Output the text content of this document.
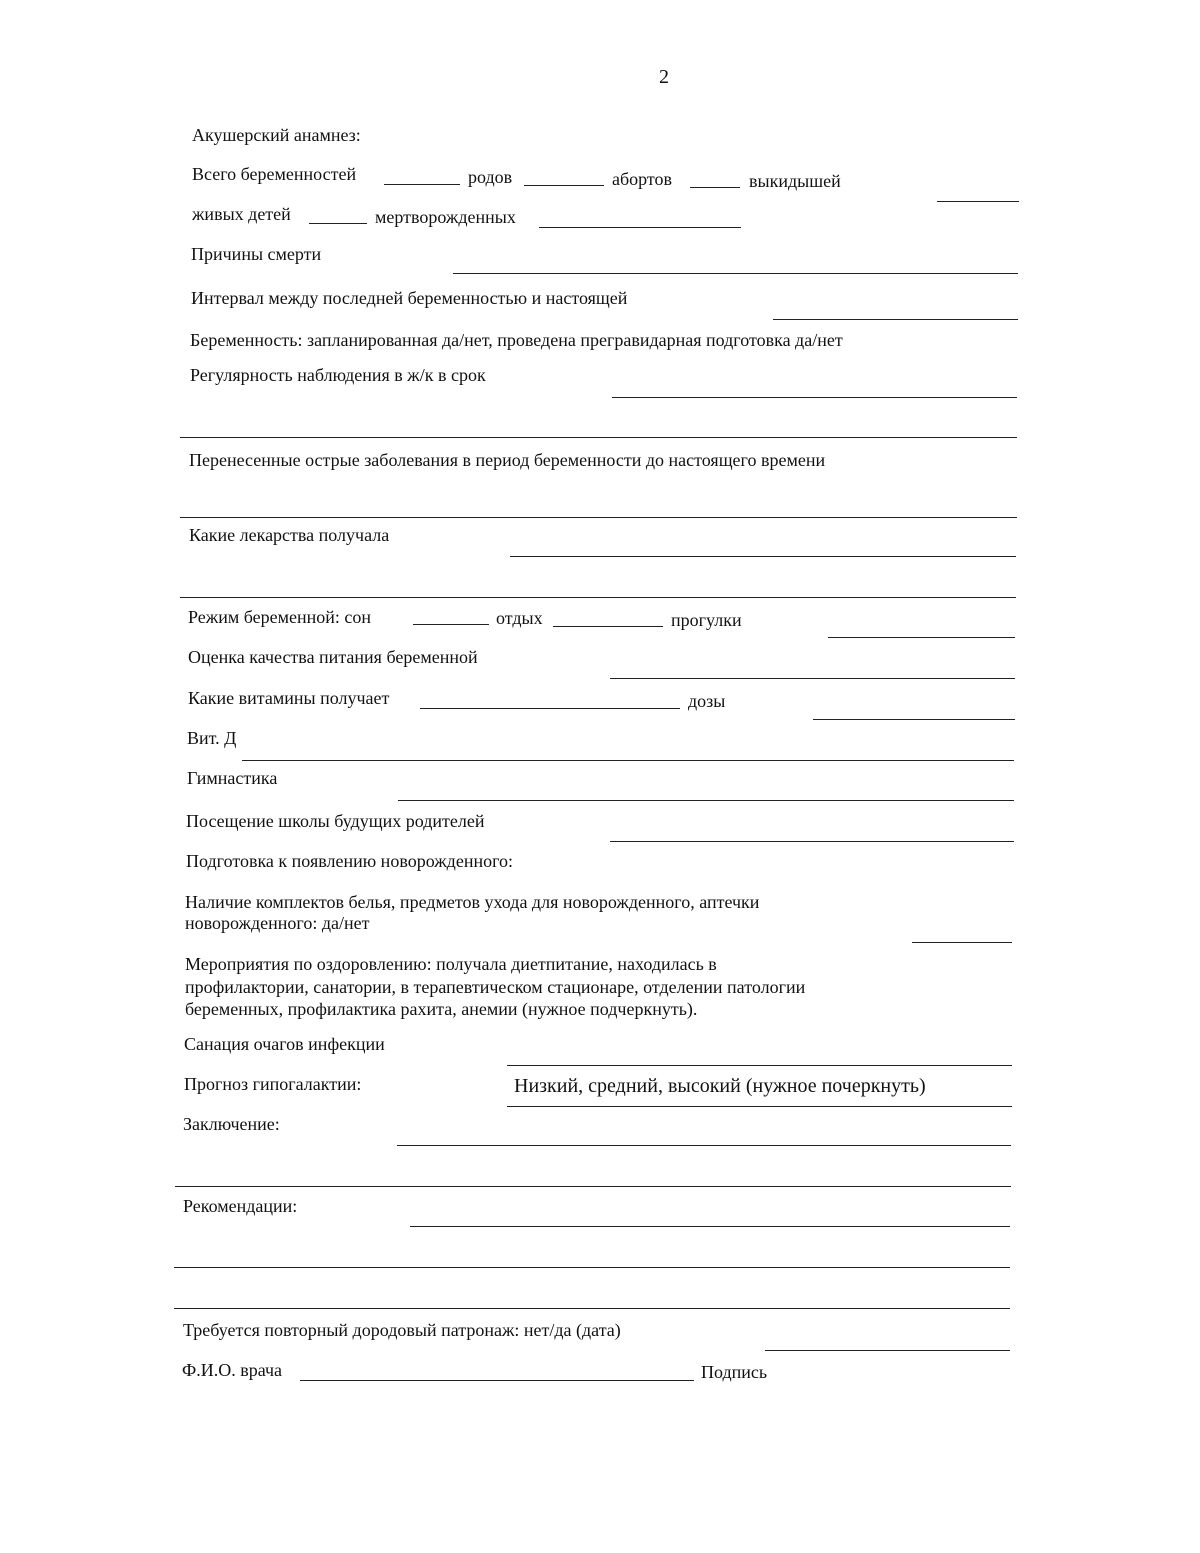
2
Акушерский анамнез:
Всего беременностей	родов	абортов	выкидышей
живых детей	мертворожденных
Причины смерти
Интервал между последней беременностью и настоящей
Беременность: запланированная да/нет, проведена прегравидарная подготовка да/нет
Регулярность наблюдения в ж/к в срок
Перенесенные острые заболевания в период беременности до настоящего времени
Какие лекарства получала
Режим беременной: сон	отдых	прогулки
Оценка качества питания беременной
Какие витамины получает	дозы
Вит. Д
Гимнастика
Посещение школы будущих родителей
Подготовка к появлению новорожденного:
Наличие комплектов белья, предметов ухода для новорожденного, аптечки
новорожденного: да/нет
Мероприятия по оздоровлению: получала диетпитание, находилась в
профилактории, санатории, в терапевтическом стационаре, отделении патологии
беременных, профилактика рахита, анемии (нужное подчеркнуть).
Санация очагов инфекции
Прогноз гипогалактии:	Низкий, средний, высокий (нужное почеркнуть)
Заключение:
Рекомендации:
Требуется повторный дородовый патронаж: нет/да (дата)
Ф.И.О. врача	Подпись
